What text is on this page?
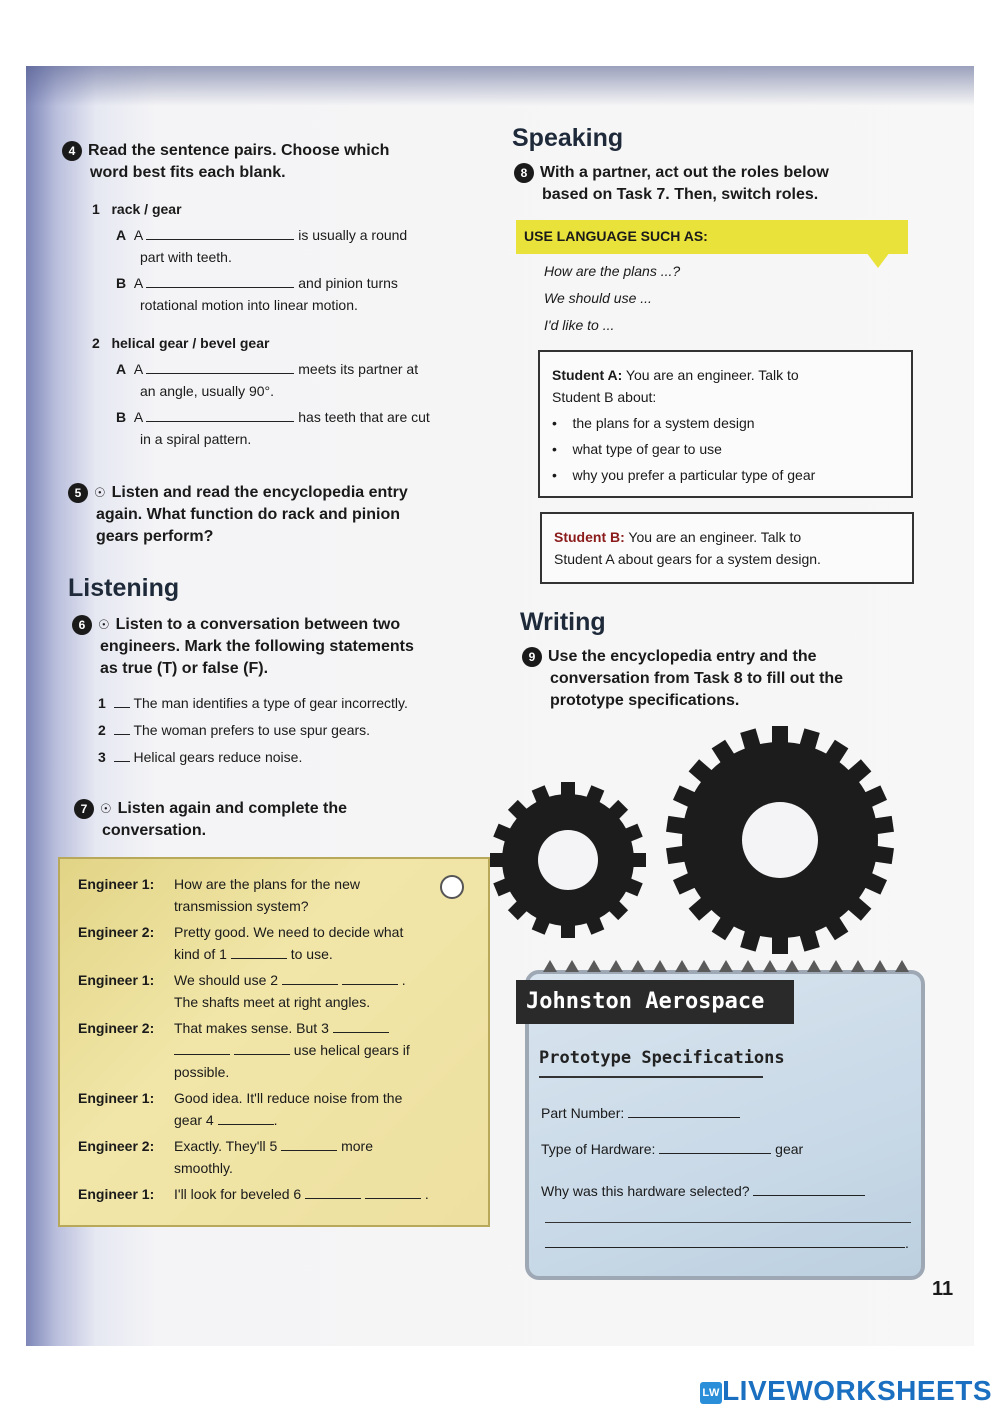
4 Read the sentence pairs. Choose which
word best fits each blank.
1 rack / gear
A A	is usually a round
part with teeth.
B A	and pinion turns
rotational motion into linear motion.
2 helical gear / bevel gear
A A	meets its partner at
an angle, usually 90°.
B A	has teeth that are cut
in a spiral pattern.
5 ☉ Listen and read the encyclopedia entry
again. What function do rack and pinion
gears perform?
Listening
6 ☉ Listen to a conversation between two
engineers. Mark the following statements
as true (T) or false (F).
1 The man identifies a type of gear incorrectly.
2 The woman prefers to use spur gears.
3 Helical gears reduce noise.
7 ☉ Listen again and complete the
conversation.
Engineer 1: How are the plans for the new
transmission system?
Engineer 2: Pretty good. We need to decide what
kind of 1	to use.
Engineer 1: We should use 2	.
The shafts meet at right angles.
Engineer 2: That makes sense. But 3
use helical gears if
possible.
Engineer 1: Good idea. It'll reduce noise from the
gear 4	.
Engineer 2: Exactly. They'll 5	more
smoothly.
Engineer 1: I'll look for beveled 6	.
Speaking
8 With a partner, act out the roles below
based on Task 7. Then, switch roles.
USE LANGUAGE SUCH AS:
How are the plans ...?
We should use ...
I'd like to ...
Student A: You are an engineer. Talk to
Student B about:
•    the plans for a system design
•    what type of gear to use
•    why you prefer a particular type of gear
Student B: You are an engineer. Talk to
Student A about gears for a system design.
Writing
9 Use the encyclopedia entry and the
conversation from Task 8 to fill out the
prototype specifications.
Prototype Specifications
Part Number:
Type of Hardware:	gear
Why was this hardware selected?
.
Johnston Aerospace
11
LWLIVEWORKSHEETS
